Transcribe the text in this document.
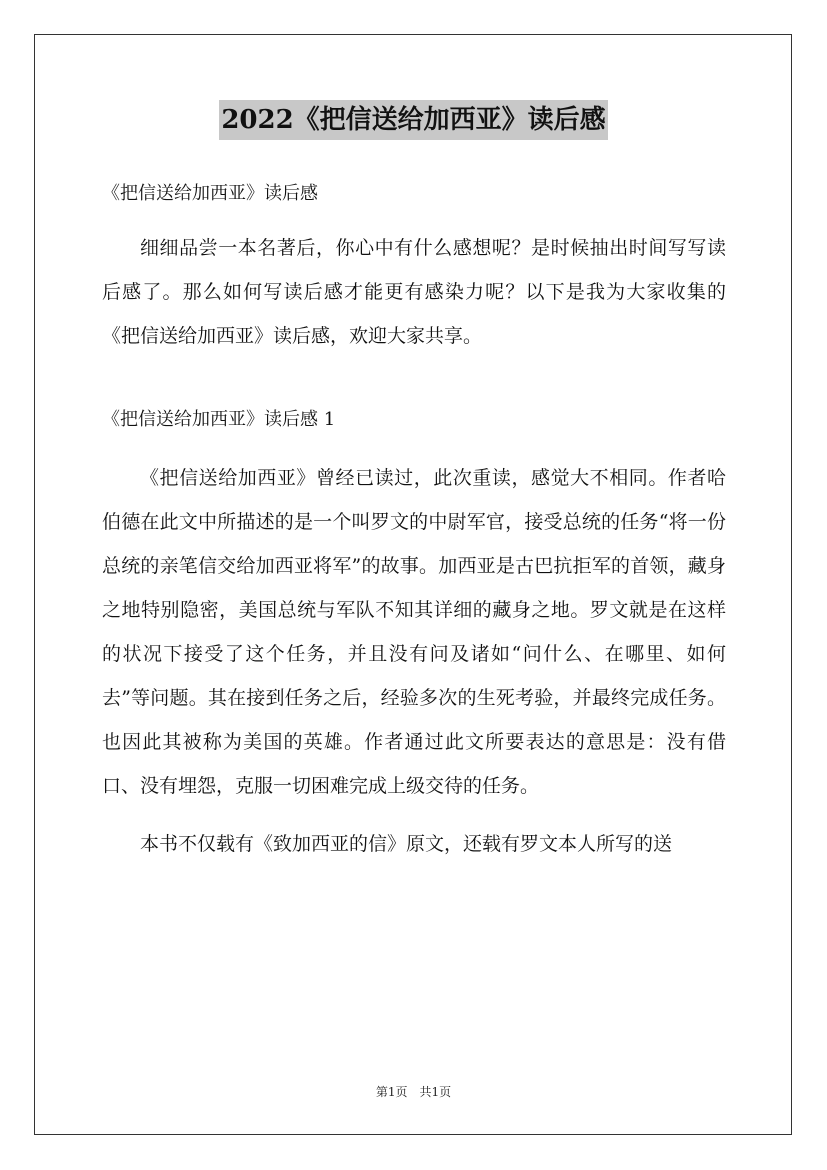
2022《把信送给加西亚》读后感

《把信送给加西亚》读后感

细细品尝一本名著后，你心中有什么感想呢？是时候抽出时间写写读后感了。那么如何写读后感才能更有感染力呢？以下是我为大家收集的《把信送给加西亚》读后感，欢迎大家共享。

《把信送给加西亚》读后感 1

《把信送给加西亚》曾经已读过，此次重读，感觉大不相同。作者哈伯德在此文中所描述的是一个叫罗文的中尉军官，接受总统的任务“将一份总统的亲笔信交给加西亚将军”的故事。加西亚是古巴抗拒军的首领，藏身之地特别隐密，美国总统与军队不知其详细的藏身之地。罗文就是在这样的状况下接受了这个任务，并且没有问及诸如“问什么、在哪里、如何去”等问题。其在接到任务之后，经验多次的生死考验，并最终完成任务。也因此其被称为美国的英雄。作者通过此文所要表达的意思是：没有借口、没有埋怨，克服一切困难完成上级交待的任务。

本书不仅载有《致加西亚的信》原文，还载有罗文本人所写的送

第1页 共1页
